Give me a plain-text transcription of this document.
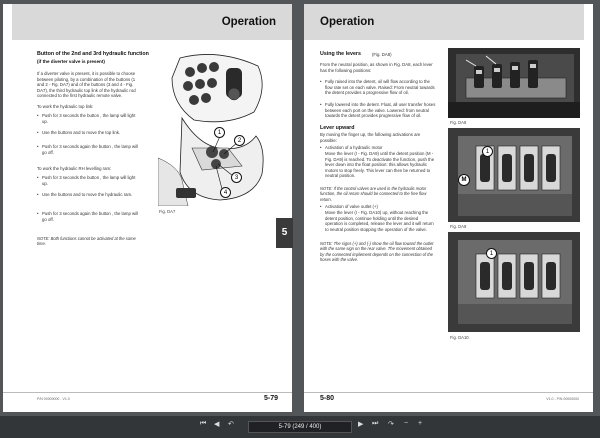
Operation
Button of the 2nd and 3rd hydraulic function
(if the diverter valve is present)
If a diverter valve is present, it is possible to choose between piloting, by a combination of the buttons (1 and 2 - Fig. DA7) and of the buttons (3 and 4 - Fig. DA7), the third hydraulic top link of the hydraulic rod connected to the first hydraulic remote valve.
To work the hydraulic top link:
• Push for 3 seconds the button , the lamp will light up.
• Use the buttons and to move the top link.
• Push for 3 seconds again the button , the lamp will go off.
To work the hydraulic RH levelling ram:
• Push for 3 seconds the button , the lamp will light up.
• Use the buttons and to move the hydraulic ram.
• Push for 3 seconds again the button , the lamp will go off.
NOTE: Both functions cannot be activated at the same time.
1
2
3
4
Fig. DA7
P/N 00000000 - V1.0	5-79
5
Operation
Using the levers	(Fig. DA8)
From the neutral position, as shown in Fig. DA8, each lever has the following positions:
• Fully raised into the detent, oil will flow according to the flow rate set on each valve. Raised: From neutral towards the detent provides a progressive flow of oil.
• Fully lowered into the detent. Float, all user transfer hoses between each port on the valve. Lowered: from neutral towards the detent provides progressive flow of oil.
Lever upward
By moving the finger up, the following activations are possible:
• Activation of a hydraulic motor
Move the lever (I - Fig. DA9) until the detent position (M - Fig. DA9) is reached. To deactivate the function, push the lever down into the float position: this allows hydraulic motors to stop freely. This lever can then be returned to neutral position.
NOTE: If the control valves are used in the hydraulic motor function, the oil return should be connected to the free flow return.
• Activation of valve outlet (+)
Move the lever (I - Fig. DA10) up, without reaching the detent position, continue holding until the desired operation is completed, release the lever and it will return to neutral position stopping the operation of the valve.
NOTE: The signs (+) and (-) show the oil flow toward the outlet with the same sign on the rear valve. The movement obtained by the connected implement depends on the connection of the hoses with the valve.
Fig. DA8
1
M
Fig. DA9
1
Fig. DA10
5-80	V1.0 - P/N 00000000
⏮ ◀ ↶	5-79 (249 / 400)	▶ ⏭ ↷ − +
